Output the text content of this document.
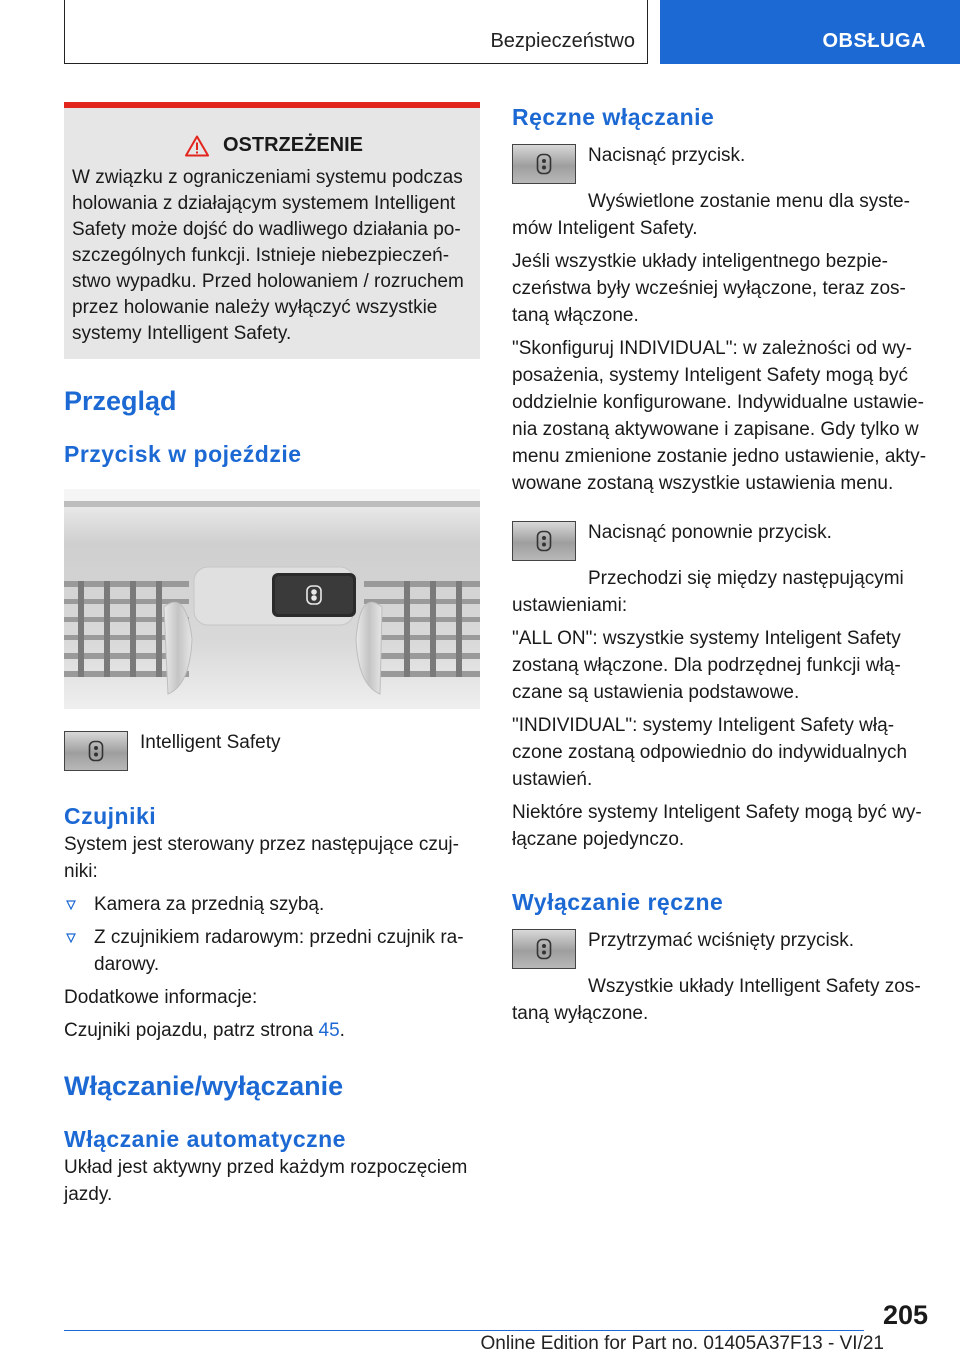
Bezpieczeństwo	OBSŁUGA
OSTRZEŻENIE

W związku z ograniczeniami systemu podczas holowania z działającym systemem Intelligent Safety może dojść do wadliwego działania poszczególnych funkcji. Istnieje niebezpieczeństwo wypadku. Przed holowaniem / rozruchem przez holowanie należy wyłączyć wszystkie systemy Intelligent Safety.

Przegląd
Przycisk w pojeździe

Intelligent Safety

Czujniki

System jest sterowany przez następujące czujniki:

Kamera za przednią szybą.
Z czujnikiem radarowym: przedni czujnik radarowy.

Dodatkowe informacje:

Czujniki pojazdu, patrz strona 45.

Włączanie/wyłączanie
Włączanie automatyczne

Układ jest aktywny przed każdym rozpoczęciem jazdy.

Ręczne włączanie

Nacisnąć przycisk.

Wyświetlone zostanie menu dla systemów Inteligent Safety.

Jeśli wszystkie układy inteligentnego bezpieczeństwa były wcześniej wyłączone, teraz zostaną włączone.

"Skonfiguruj INDIVIDUAL": w zależności od wyposażenia, systemy Inteligent Safety mogą być oddzielnie konfigurowane. Indywidualne ustawienia zostaną aktywowane i zapisane. Gdy tylko w menu zmienione zostanie jedno ustawienie, aktywowane zostaną wszystkie ustawienia menu.

Nacisnąć ponownie przycisk.

Przechodzi się między następującymi ustawieniami:

"ALL ON": wszystkie systemy Inteligent Safety zostaną włączone. Dla podrzędnej funkcji włączane są ustawienia podstawowe.

"INDIVIDUAL": systemy Inteligent Safety włączone zostaną odpowiednio do indywidualnych ustawień.

Niektóre systemy Inteligent Safety mogą być wyłączane pojedynczo.

Wyłączanie ręczne

Przytrzymać wciśnięty przycisk.

Wszystkie układy Intelligent Safety zostaną wyłączone.

205
Online Edition for Part no. 01405A37F13 - VI/21
